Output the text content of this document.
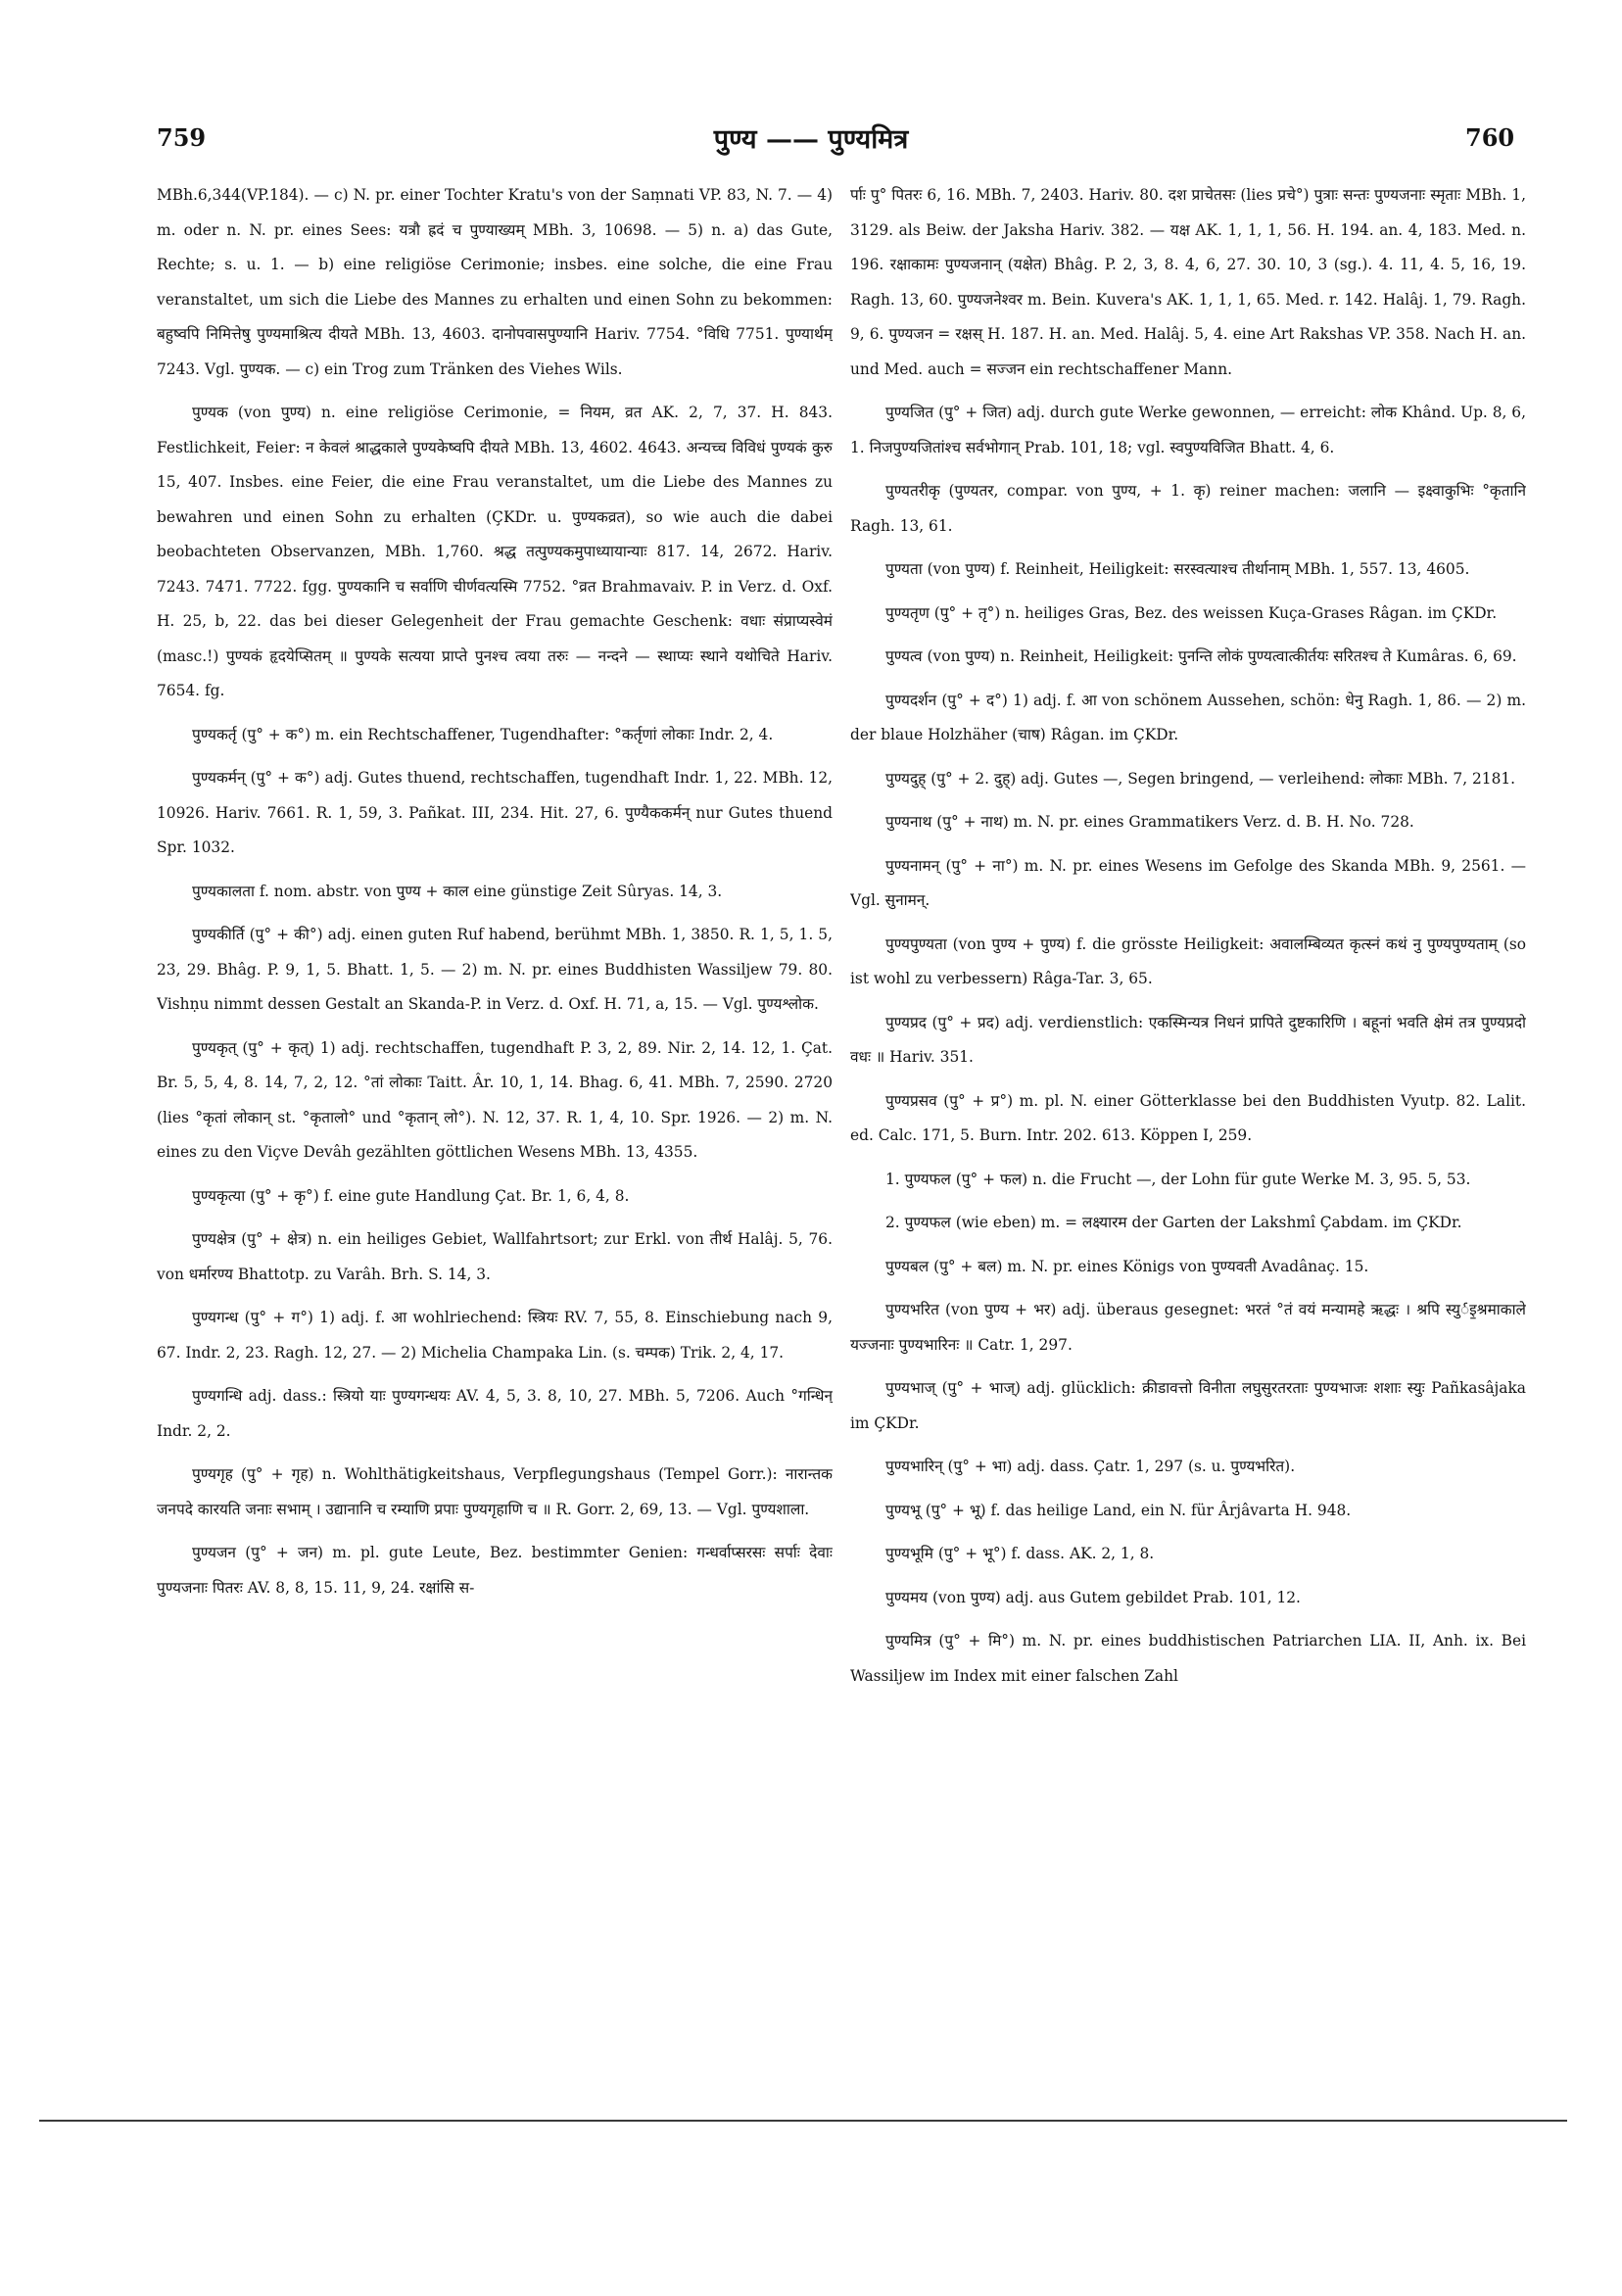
759	पुण्य —— पुण्यमित्र	760

MBh.6,344(VP.184). — c) N. pr. einer Tochter Kratu's von der Saṃnati VP. 83, N. 7. — 4) m. oder n. N. pr. eines Sees: यत्रौ ह्रदं च पुण्याख्यम् MBh. 3, 10698. — 5) n. a) das Gute, Rechte; s. u. 1. — b) eine religiöse Cerimonie; insbes. eine solche, die eine Frau veranstaltet, um sich die Liebe des Mannes zu erhalten und einen Sohn zu bekommen: बहुष्वपि निमित्तेषु पुण्यमाश्रित्य दीयते MBh. 13, 4603. दानोपवासपुण्यानि Hariv. 7754. °विधि 7751. पुण्यार्थम् 7243. Vgl. पुण्यक. — c) ein Trog zum Tränken des Viehes Wils.

पुण्यक (von पुण्य) n. eine religiöse Cerimonie, = नियम, व्रत AK. 2, 7, 37. H. 843. Festlichkeit, Feier: न केवलं श्राद्धकाले पुण्यकेष्वपि दीयते MBh. 13, 4602. 4643. अन्यच्च विविधं पुण्यकं कुरु 15, 407. Insbes. eine Feier, die eine Frau veranstaltet, um die Liebe des Mannes zu bewahren und einen Sohn zu erhalten (ÇKDr. u. पुण्यकव्रत), so wie auch die dabei beobachteten Observanzen, MBh. 1,760. श्रद्ध तत्पुण्यकमुपाध्यायान्याः 817. 14, 2672. Hariv. 7243. 7471. 7722. fgg. पुण्यकानि च सर्वाणि चीर्णवत्यस्मि 7752. °व्रत Brahmavaiv. P. in Verz. d. Oxf. H. 25, b, 22. das bei dieser Gelegenheit der Frau gemachte Geschenk: वधाः संप्राप्यस्वेमं (masc.!) पुण्यकं हृदयेप्सितम् ॥ पुण्यके सत्यया प्राप्ते पुनश्च त्वया तरुः — नन्दने — स्थाप्यः स्थाने यथोचिते Hariv. 7654. fg.

पुण्यकर्तृ (पु° + क°) m. ein Rechtschaffener, Tugendhafter: °कर्तृणां लोकाः Indr. 2, 4.

पुण्यकर्मन् (पु° + क°) adj. Gutes thuend, rechtschaffen, tugendhaft Indr. 1, 22. MBh. 12, 10926. Hariv. 7661. R. 1, 59, 3. Pañkat. III, 234. Hit. 27, 6. पुण्यैककर्मन् nur Gutes thuend Spr. 1032.

पुण्यकालता f. nom. abstr. von पुण्य + काल eine günstige Zeit Sûryas. 14, 3.

पुण्यकीर्ति (पु° + की°) adj. einen guten Ruf habend, berühmt MBh. 1, 3850. R. 1, 5, 1. 5, 23, 29. Bhâg. P. 9, 1, 5. Bhatt. 1, 5. — 2) m. N. pr. eines Buddhisten Wassiljew 79. 80. Vishṇu nimmt dessen Gestalt an Skanda-P. in Verz. d. Oxf. H. 71, a, 15. — Vgl. पुण्यश्लोक.

पुण्यकृत् (पु° + कृत्) 1) adj. rechtschaffen, tugendhaft P. 3, 2, 89. Nir. 2, 14. 12, 1. Çat. Br. 5, 5, 4, 8. 14, 7, 2, 12. °तां लोकाः Taitt. Âr. 10, 1, 14. Bhag. 6, 41. MBh. 7, 2590. 2720 (lies °कृतां लोकान् st. °कृतालो° und °कृतान् लो°). N. 12, 37. R. 1, 4, 10. Spr. 1926. — 2) m. N. eines zu den Viçve Devâh gezählten göttlichen Wesens MBh. 13, 4355.

पुण्यकृत्या (पु° + कृ°) f. eine gute Handlung Çat. Br. 1, 6, 4, 8.

पुण्यक्षेत्र (पु° + क्षेत्र) n. ein heiliges Gebiet, Wallfahrtsort; zur Erkl. von तीर्थ Halâj. 5, 76. von धर्मारण्य Bhattotp. zu Varâh. Brh. S. 14, 3.

पुण्यगन्ध (पु° + ग°) 1) adj. f. आ wohlriechend: स्त्रियः RV. 7, 55, 8. Einschiebung nach 9, 67. Indr. 2, 23. Ragh. 12, 27. — 2) Michelia Champaka Lin. (s. चम्पक) Trik. 2, 4, 17.

पुण्यगन्धि adj. dass.: स्त्रियो याः पुण्यगन्धयः AV. 4, 5, 3. 8, 10, 27. MBh. 5, 7206. Auch °गन्धिन् Indr. 2, 2.

पुण्यगृह (पु° + गृह) n. Wohlthätigkeitshaus, Verpflegungshaus (Tempel Gorr.): नारान्तक जनपदे कारयति जनाः सभाम् । उद्यानानि च रम्याणि प्रपाः पुण्यगृहाणि च ॥ R. Gorr. 2, 69, 13. — Vgl. पुण्यशाला.

पुण्यजन (पु° + जन) m. pl. gute Leute, Bez. bestimmter Genien: गन्धर्वाप्सरसः सर्पाः देवाः पुण्यजनाः पितरः AV. 8, 8, 15. 11, 9, 24. रक्षांसि स-

र्पाः पु° पितरः 6, 16. MBh. 7, 2403. Hariv. 80. दश प्राचेतसः (lies प्रचे°) पुत्राः सन्तः पुण्यजनाः स्मृताः MBh. 1, 3129. als Beiw. der Jaksha Hariv. 382. — यक्ष AK. 1, 1, 1, 56. H. 194. an. 4, 183. Med. n. 196. रक्षाकामः पुण्यजनान् (यक्षेत) Bhâg. P. 2, 3, 8. 4, 6, 27. 30. 10, 3 (sg.). 4. 11, 4. 5, 16, 19. Ragh. 13, 60. पुण्यजनेश्वर m. Bein. Kuvera's AK. 1, 1, 1, 65. Med. r. 142. Halâj. 1, 79. Ragh. 9, 6. पुण्यजन = रक्षस् H. 187. H. an. Med. Halâj. 5, 4. eine Art Rakshas VP. 358. Nach H. an. und Med. auch = सज्जन ein rechtschaffener Mann.

पुण्यजित (पु° + जित) adj. durch gute Werke gewonnen, — erreicht: लोक Khând. Up. 8, 6, 1. निजपुण्यजितांश्च सर्वभोगान् Prab. 101, 18; vgl. स्वपुण्यविजित Bhatt. 4, 6.

पुण्यतरीकृ (पुण्यतर, compar. von पुण्य, + 1. कृ) reiner machen: जलानि — इक्ष्वाकुभिः °कृतानि Ragh. 13, 61.

पुण्यता (von पुण्य) f. Reinheit, Heiligkeit: सरस्वत्याश्च तीर्थानाम् MBh. 1, 557. 13, 4605.

पुण्यतृण (पु° + तृ°) n. heiliges Gras, Bez. des weissen Kuça-Grases Râgan. im ÇKDr.

पुण्यत्व (von पुण्य) n. Reinheit, Heiligkeit: पुनन्ति लोकं पुण्यत्वात्कीर्तयः सरितश्च ते Kumâras. 6, 69.

पुण्यदर्शन (पु° + द°) 1) adj. f. आ von schönem Aussehen, schön: धेनु Ragh. 1, 86. — 2) m. der blaue Holzhäher (चाष) Râgan. im ÇKDr.

पुण्यदुह् (पु° + 2. दुह्) adj. Gutes —, Segen bringend, — verleihend: लोकाः MBh. 7, 2181.

पुण्यनाथ (पु° + नाथ) m. N. pr. eines Grammatikers Verz. d. B. H. No. 728.

पुण्यनामन् (पु° + ना°) m. N. pr. eines Wesens im Gefolge des Skanda MBh. 9, 2561. — Vgl. सुनामन्.

पुण्यपुण्यता (von पुण्य + पुण्य) f. die grösste Heiligkeit: अवालम्बिव्यत कृत्स्नं कथं नु पुण्यपुण्यताम् (so ist wohl zu verbessern) Râga-Tar. 3, 65.

पुण्यप्रद (पु° + प्रद) adj. verdienstlich: एकस्मिन्यत्र निधनं प्रापिते दुष्टकारिणि । बहूनां भवति क्षेमं तत्र पुण्यप्रदो वधः ॥ Hariv. 351.

पुण्यप्रसव (पु° + प्र°) m. pl. N. einer Götterklasse bei den Buddhisten Vyutp. 82. Lalit. ed. Calc. 171, 5. Burn. Intr. 202. 613. Köppen I, 259.

1. पुण्यफल (पु° + फल) n. die Frucht —, der Lohn für gute Werke M. 3, 95. 5, 53.

2. पुण्यफल (wie eben) m. = लक्ष्यारम der Garten der Lakshmî Çabdam. im ÇKDr.

पुण्यबल (पु° + बल) m. N. pr. eines Königs von पुण्यवती Avadânaç. 15.

पुण्यभरित (von पुण्य + भर) adj. überaus gesegnet: भरतं °तं वयं मन्यामहे ऋद्धः । श्रपि स्युर्इ॒श्रमाकाले यज्जनाः पुण्यभारिनः ॥ Catr. 1, 297.

पुण्यभाज् (पु° + भाज्) adj. glücklich: क्रीडावत्तो विनीता लघुसुरतरताः पुण्यभाजः शशाः स्युः Pañkasâjaka im ÇKDr.

पुण्यभारिन् (पु° + भा) adj. dass. Çatr. 1, 297 (s. u. पुण्यभरित).

पुण्यभू (पु° + भू) f. das heilige Land, ein N. für Ârjâvarta H. 948.

पुण्यभूमि (पु° + भू°) f. dass. AK. 2, 1, 8.

पुण्यमय (von पुण्य) adj. aus Gutem gebildet Prab. 101, 12.

पुण्यमित्र (पु° + मि°) m. N. pr. eines buddhistischen Patriarchen LIA. II, Anh. ix. Bei Wassiljew im Index mit einer falschen Zahl
